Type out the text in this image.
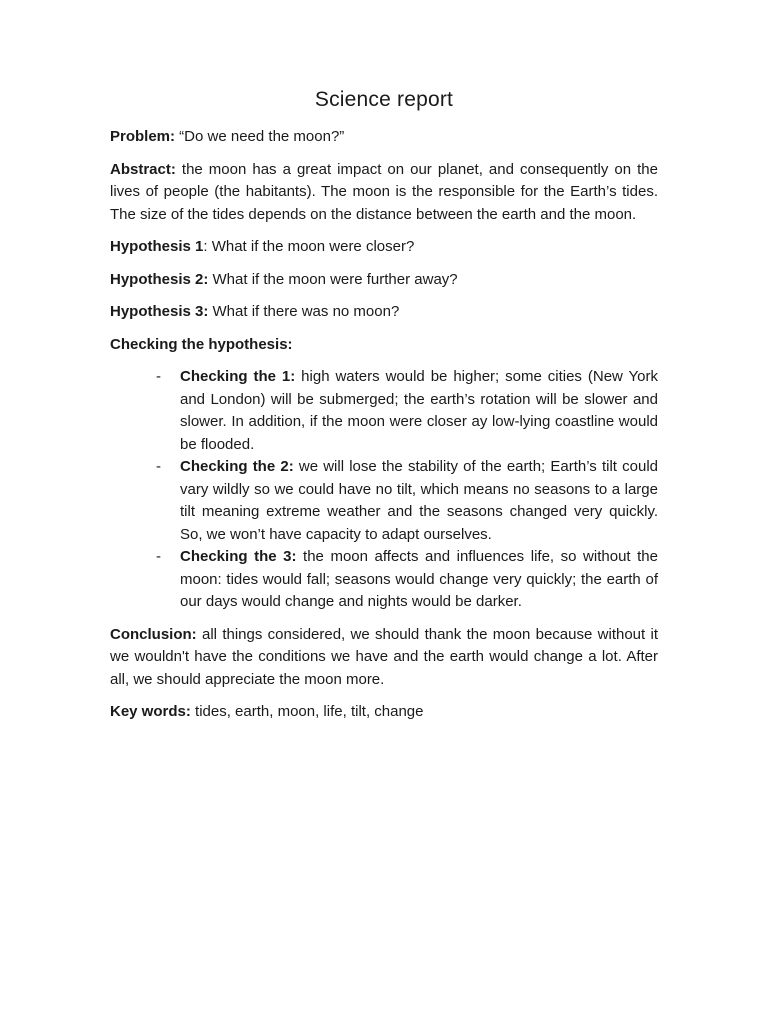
Science report

Problem: “Do we need the moon?”

Abstract: the moon has a great impact on our planet, and consequently on the lives of people (the habitants). The moon is the responsible for the Earth’s tides. The size of the tides depends on the distance between the earth and the moon.

Hypothesis 1: What if the moon were closer?

Hypothesis 2: What if the moon were further away?

Hypothesis 3: What if there was no moon?

Checking the hypothesis:

- Checking the 1: high waters would be higher; some cities (New York and London) will be submerged; the earth’s rotation will be slower and slower. In addition, if the moon were closer ay low-lying coastline would be flooded.
- Checking the 2: we will lose the stability of the earth; Earth’s tilt could vary wildly so we could have no tilt, which means no seasons to a large tilt meaning extreme weather and the seasons changed very quickly. So, we won’t have capacity to adapt ourselves.
- Checking the 3: the moon affects and influences life, so without the moon: tides would fall; seasons would change very quickly; the earth of our days would change and nights would be darker.

Conclusion: all things considered, we should thank the moon because without it we wouldn't have the conditions we have and the earth would change a lot. After all, we should appreciate the moon more.

Key words: tides, earth, moon, life, tilt, change
